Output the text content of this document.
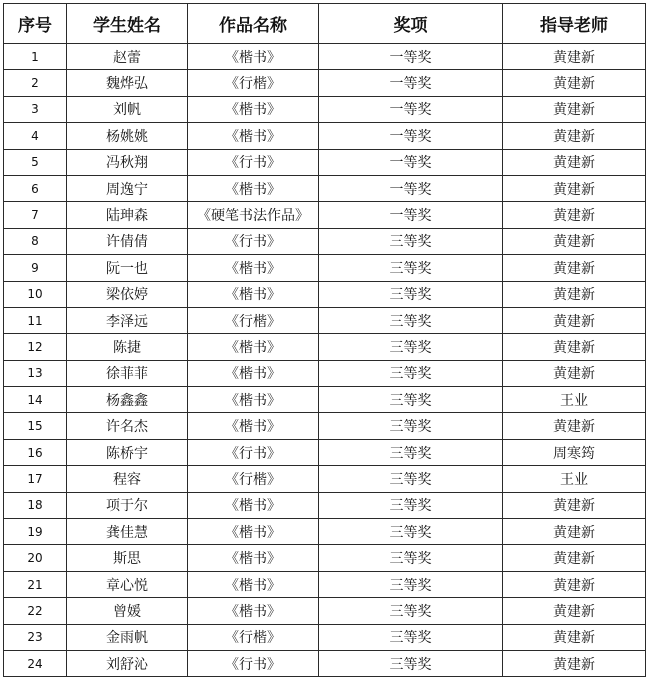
序号	学生姓名	作品名称	奖项	指导老师
1	赵蕾	《楷书》	一等奖	黄建新
2	魏烨弘	《行楷》	一等奖	黄建新
3	刘帆	《楷书》	一等奖	黄建新
4	杨姚姚	《楷书》	一等奖	黄建新
5	冯秋翔	《行书》	一等奖	黄建新
6	周逸宁	《楷书》	一等奖	黄建新
7	陆珅森	《硬笔书法作品》	一等奖	黄建新
8	许倩倩	《行书》	三等奖	黄建新
9	阮一也	《楷书》	三等奖	黄建新
10	梁依婷	《楷书》	三等奖	黄建新
11	李泽远	《行楷》	三等奖	黄建新
12	陈捷	《楷书》	三等奖	黄建新
13	徐菲菲	《楷书》	三等奖	黄建新
14	杨鑫鑫	《楷书》	三等奖	王业
15	许名杰	《楷书》	三等奖	黄建新
16	陈桥宇	《行书》	三等奖	周寒筠
17	程容	《行楷》	三等奖	王业
18	项于尔	《楷书》	三等奖	黄建新
19	龚佳慧	《楷书》	三等奖	黄建新
20	斯思	《楷书》	三等奖	黄建新
21	章心悦	《楷书》	三等奖	黄建新
22	曾媛	《楷书》	三等奖	黄建新
23	金雨帆	《行楷》	三等奖	黄建新
24	刘舒沁	《行书》	三等奖	黄建新
